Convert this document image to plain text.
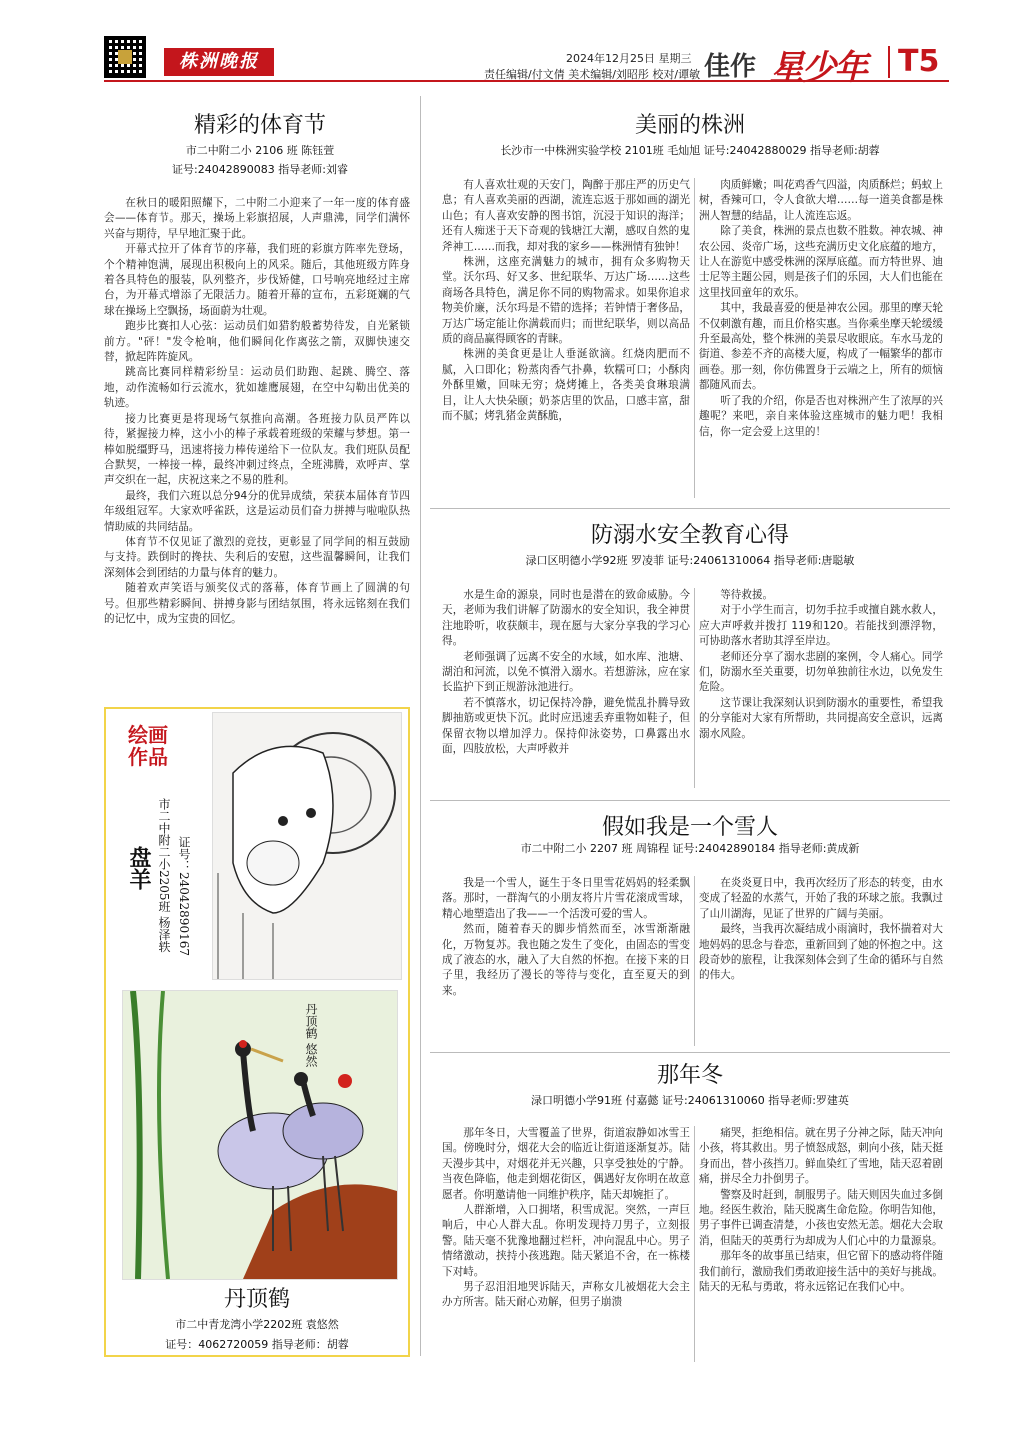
株洲晚报	2024年12月25日 星期三
责任编辑/付文倩 美术编辑/刘昭彤 校对/谭敏 佳作 星少年 T5
精彩的体育节
市二中附二小 2106 班 陈钰萱
证号:24042890083 指导老师:刘睿

在秋日的暖阳照耀下，二中附二小迎来了一年一度的体育盛会——体育节。那天，操场上彩旗招展，人声鼎沸，同学们满怀兴奋与期待，早早地汇聚于此。

开幕式拉开了体育节的序幕，我们班的彩旗方阵率先登场，个个精神饱满，展现出积极向上的风采。随后，其他班级方阵身着各具特色的服装，队列整齐，步伐矫健，口号响亮地经过主席台，为开幕式增添了无限活力。随着开幕的宣布，五彩斑斓的气球在操场上空飘扬，场面蔚为壮观。

跑步比赛扣人心弦：运动员们如猎豹般蓄势待发，自光紧锁前方。"砰！"发令枪响，他们瞬间化作离弦之箭，双脚快速交替，掀起阵阵旋风。

跳高比赛同样精彩纷呈：运动员们助跑、起跳、腾空、落地，动作流畅如行云流水，犹如雄鹰展翅，在空中勾勒出优美的轨迹。

接力比赛更是将现场气氛推向高潮。各班接力队员严阵以待，紧握接力棒，这小小的棒子承载着班级的荣耀与梦想。第一棒如脱缰野马，迅速将接力棒传递给下一位队友。我们班队员配合默契，一棒接一棒，最终冲刺过终点，全班沸腾，欢呼声、掌声交织在一起，庆祝这来之不易的胜利。

最终，我们六班以总分94分的优异成绩，荣获本届体育节四年级组冠军。大家欢呼雀跃，这是运动员们奋力拼搏与啦啦队热情助威的共同结晶。

体育节不仅见证了激烈的竞技，更彰显了同学间的相互鼓励与支持。跌倒时的搀扶、失利后的安慰，这些温馨瞬间，让我们深刻体会到团结的力量与体育的魅力。

随着欢声笑语与颁奖仪式的落幕，体育节画上了圆满的句号。但那些精彩瞬间、拼搏身影与团结氛围，将永远铭刻在我们的记忆中，成为宝贵的回忆。

绘画
作品
盘羊 市二中附二小2205班 杨泽轶 证号：24042890167
丹顶鹤 悠然
丹顶鹤
市二中青龙湾小学2202班 袁悠然
证号：4062720059 指导老师：胡蓉
美丽的株洲
长沙市一中株洲实验学校 2101班 毛灿旭 证号:24042880029 指导老师:胡蓉

有人喜欢壮观的天安门，陶醉于那庄严的历史气息；有人喜欢美丽的西湖，流连忘返于那如画的湖光山色；有人喜欢安静的图书馆，沉浸于知识的海洋；还有人痴迷于天下奇观的钱塘江大潮，感叹自然的鬼斧神工……而我，却对我的家乡——株洲情有独钟！

株洲，这座充满魅力的城市，拥有众多购物天堂。沃尔玛、好又多、世纪联华、万达广场……这些商场各具特色，满足你不同的购物需求。如果你追求物美价廉，沃尔玛是不错的选择；若钟情于奢侈品，万达广场定能让你满载而归；而世纪联华，则以高品质的商品赢得顾客的青睐。

株洲的美食更是让人垂涎欲滴。红烧肉肥而不腻，入口即化；粉蒸肉香气扑鼻，软糯可口；小酥肉外酥里嫩，回味无穷；烧烤摊上，各类美食琳琅满目，让人大快朵颐；奶茶店里的饮品，口感丰富，甜而不腻；烤乳猪金黄酥脆，

肉质鲜嫩；叫花鸡香气四溢，肉质酥烂；蚂蚁上树，香辣可口，令人食欲大增……每一道美食都是株洲人智慧的结晶，让人流连忘返。

除了美食，株洲的景点也数不胜数。神农城、神农公园、炎帝广场，这些充满历史文化底蕴的地方，让人在游览中感受株洲的深厚底蕴。而方特世界、迪士尼等主题公园，则是孩子们的乐园，大人们也能在这里找回童年的欢乐。

其中，我最喜爱的便是神农公园。那里的摩天轮不仅刺激有趣，而且价格实惠。当你乘坐摩天轮缓缓升至最高处，整个株洲的美景尽收眼底。车水马龙的街道、参差不齐的高楼大厦，构成了一幅繁华的都市画卷。那一刻，你仿佛置身于云端之上，所有的烦恼都随风而去。

听了我的介绍，你是否也对株洲产生了浓厚的兴趣呢？来吧，亲自来体验这座城市的魅力吧！我相信，你一定会爱上这里的！

防溺水安全教育心得
渌口区明德小学92班 罗凌菲 证号:24061310064 指导老师:唐聪敏

水是生命的源泉，同时也是潜在的致命威胁。今天，老师为我们讲解了防溺水的安全知识，我全神贯注地聆听，收获颇丰，现在愿与大家分享我的学习心得。

老师强调了远离不安全的水域，如水库、池塘、湖泊和河流，以免不慎滑入溺水。若想游泳，应在家长监护下到正规游泳池进行。

若不慎落水，切记保持冷静，避免慌乱扑腾导致脚抽筋或更快下沉。此时应迅速丢弃重物如鞋子，但保留衣物以增加浮力。保持仰泳姿势，口鼻露出水面，四肢放松，大声呼救并

等待救援。

对于小学生而言，切勿手拉手或擅自跳水救人，应大声呼救并拨打 119和120。若能找到漂浮物，可协助落水者助其浮至岸边。

老师还分享了溺水悲剧的案例，令人痛心。同学们，防溺水至关重要，切勿单独前往水边，以免发生危险。

这节课让我深刻认识到防溺水的重要性，希望我的分享能对大家有所帮助，共同提高安全意识，远离溺水风险。

假如我是一个雪人
市二中附二小 2207 班 周锦程 证号:24042890184 指导老师:黄成新

我是一个雪人，诞生于冬日里雪花妈妈的轻柔飘落。那时，一群淘气的小朋友将片片雪花滚成雪球，精心地塑造出了我——一个活泼可爱的雪人。

然而，随着春天的脚步悄然而至，冰雪渐渐融化，万物复苏。我也随之发生了变化，由固态的雪变成了液态的水，融入了大自然的怀抱。在接下来的日子里，我经历了漫长的等待与变化，直至夏天的到来。

在炎炎夏日中，我再次经历了形态的转变，由水变成了轻盈的水蒸气，开始了我的环球之旅。我飘过了山川湖海，见证了世界的广阔与美丽。

最终，当我再次凝结成小雨滴时，我怀揣着对大地妈妈的思念与眷恋，重新回到了她的怀抱之中。这段奇妙的旅程，让我深刻体会到了生命的循环与自然的伟大。

那年冬
渌口明德小学91班 付嘉懿 证号:24061310060 指导老师:罗建英

那年冬日，大雪覆盖了世界，街道寂静如冰雪王国。傍晚时分，烟花大会的临近让街道逐渐复苏。陆天漫步其中，对烟花并无兴趣，只享受独处的宁静。当夜色降临，他走到烟花街区，偶遇好友你明在故意愿者。你明邀请他一同维护秩序，陆天却婉拒了。

人群渐增，入口拥堵，积雪成泥。突然，一声巨响后，中心人群大乱。你明发现持刀男子，立刻报警。陆天毫不犹豫地翻过栏杆，冲向混乱中心。男子情绪激动，挟持小孩逃跑。陆天紧追不舍，在一栋楼下对峙。

男子忍泪泪地哭诉陆天，声称女儿被烟花大会主办方所害。陆天耐心劝解，但男子崩溃

痛哭，拒绝相信。就在男子分神之际，陆天冲向小孩，将其救出。男子愤怒成怒，刺向小孩，陆天挺身而出，替小孩挡刀。鲜血染红了雪地，陆天忍着剧痛，拼尽全力扑倒男子。

警察及时赶到，制服男子。陆天则因失血过多倒地。经医生救治，陆天脱离生命危险。你明告知他，男子事件已调查清楚，小孩也安然无恙。烟花大会取消，但陆天的英勇行为却成为人们心中的力量源泉。

那年冬的故事虽已结束，但它留下的感动将伴随我们前行，激励我们勇敢迎接生活中的美好与挑战。陆天的无私与勇敢，将永远铭记在我们心中。
